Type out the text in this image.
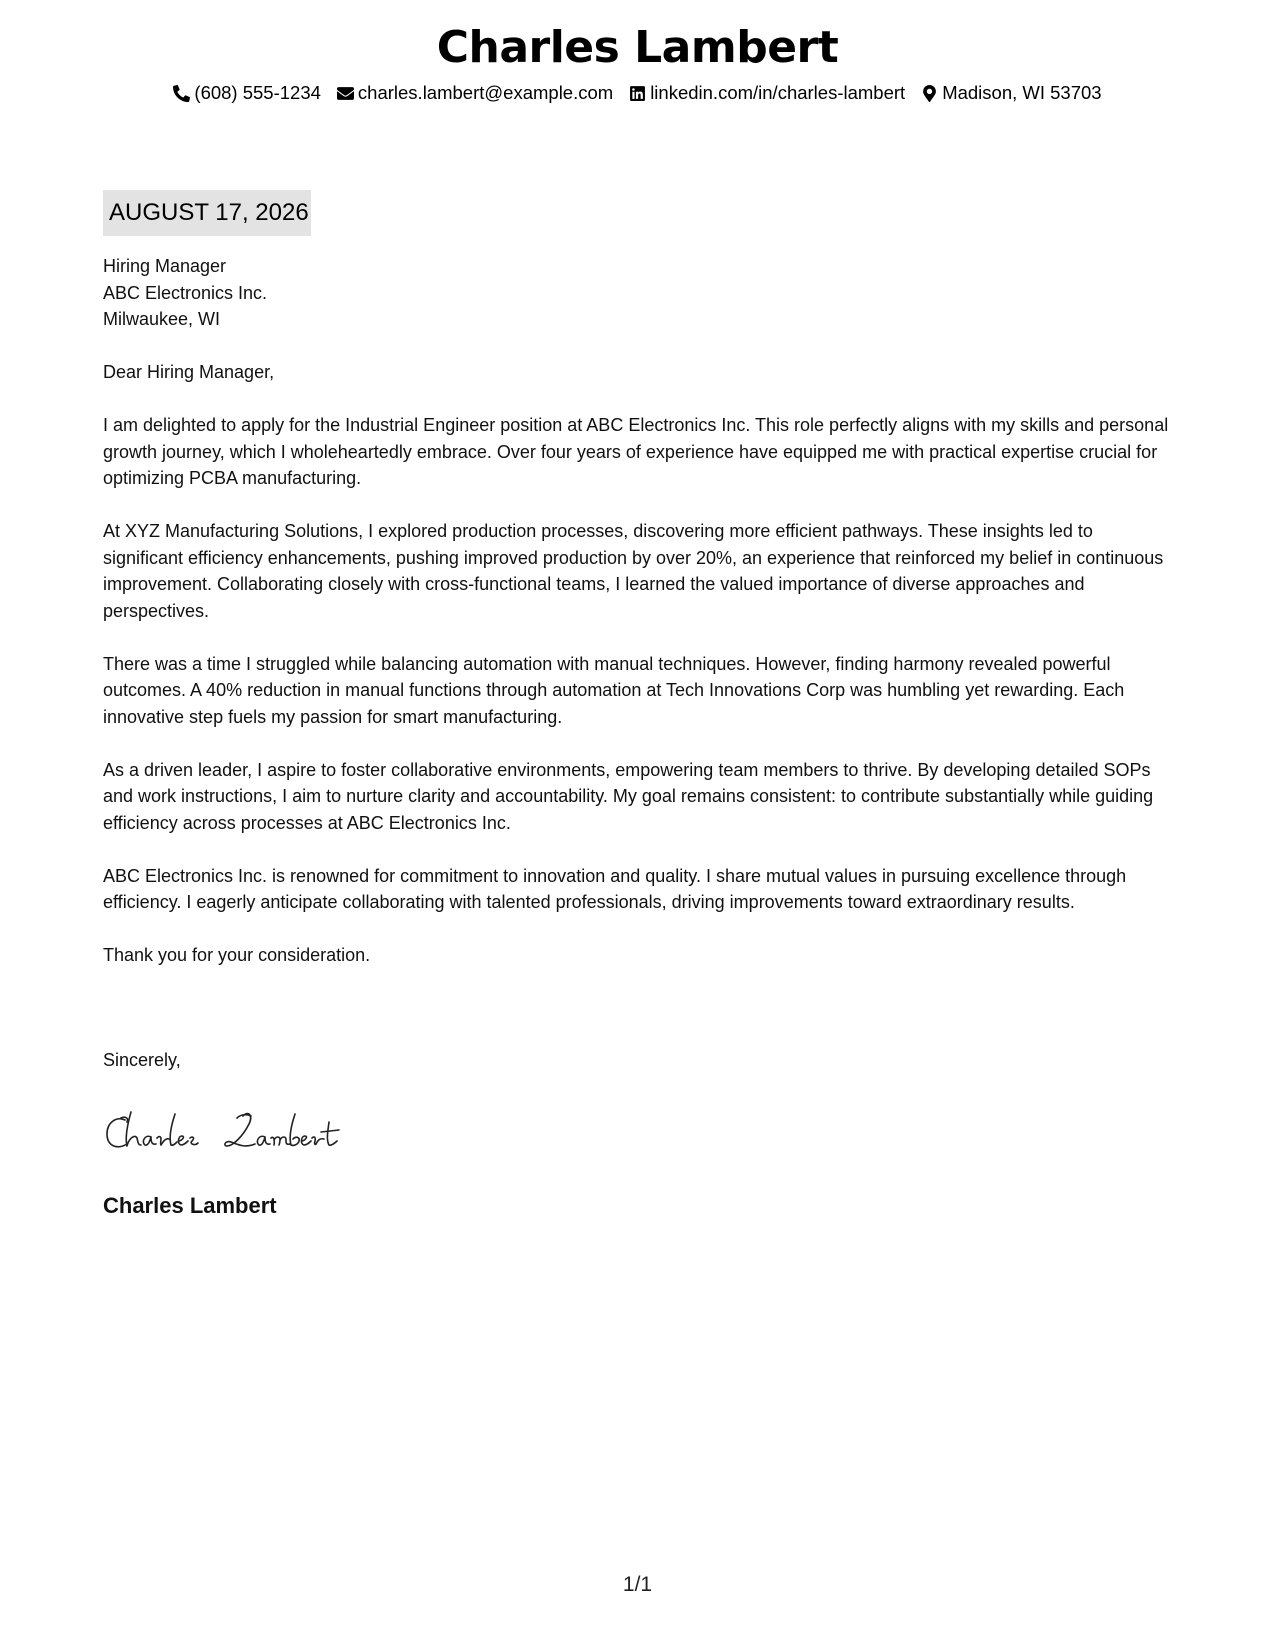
Charles Lambert
(608) 555-1234 charles.lambert@example.com linkedin.com/in/charles-lambert Madison, WI 53703
AUGUST 17, 2026
Hiring Manager
ABC Electronics Inc.
Milwaukee, WI

Dear Hiring Manager,

I am delighted to apply for the Industrial Engineer position at ABC Electronics Inc. This role perfectly aligns with my skills and personal growth journey, which I wholeheartedly embrace. Over four years of experience have equipped me with practical expertise crucial for optimizing PCBA manufacturing.

At XYZ Manufacturing Solutions, I explored production processes, discovering more efficient pathways. These insights led to significant efficiency enhancements, pushing improved production by over 20%, an experience that reinforced my belief in continuous improvement. Collaborating closely with cross-functional teams, I learned the valued importance of diverse approaches and perspectives.

There was a time I struggled while balancing automation with manual techniques. However, finding harmony revealed powerful outcomes. A 40% reduction in manual functions through automation at Tech Innovations Corp was humbling yet rewarding. Each innovative step fuels my passion for smart manufacturing.

As a driven leader, I aspire to foster collaborative environments, empowering team members to thrive. By developing detailed SOPs and work instructions, I aim to nurture clarity and accountability. My goal remains consistent: to contribute substantially while guiding efficiency across processes at ABC Electronics Inc.

ABC Electronics Inc. is renowned for commitment to innovation and quality. I share mutual values in pursuing excellence through efficiency. I eagerly anticipate collaborating with talented professionals, driving improvements toward extraordinary results.

Thank you for your consideration.

Sincerely,
Charles Lambert
1/1
